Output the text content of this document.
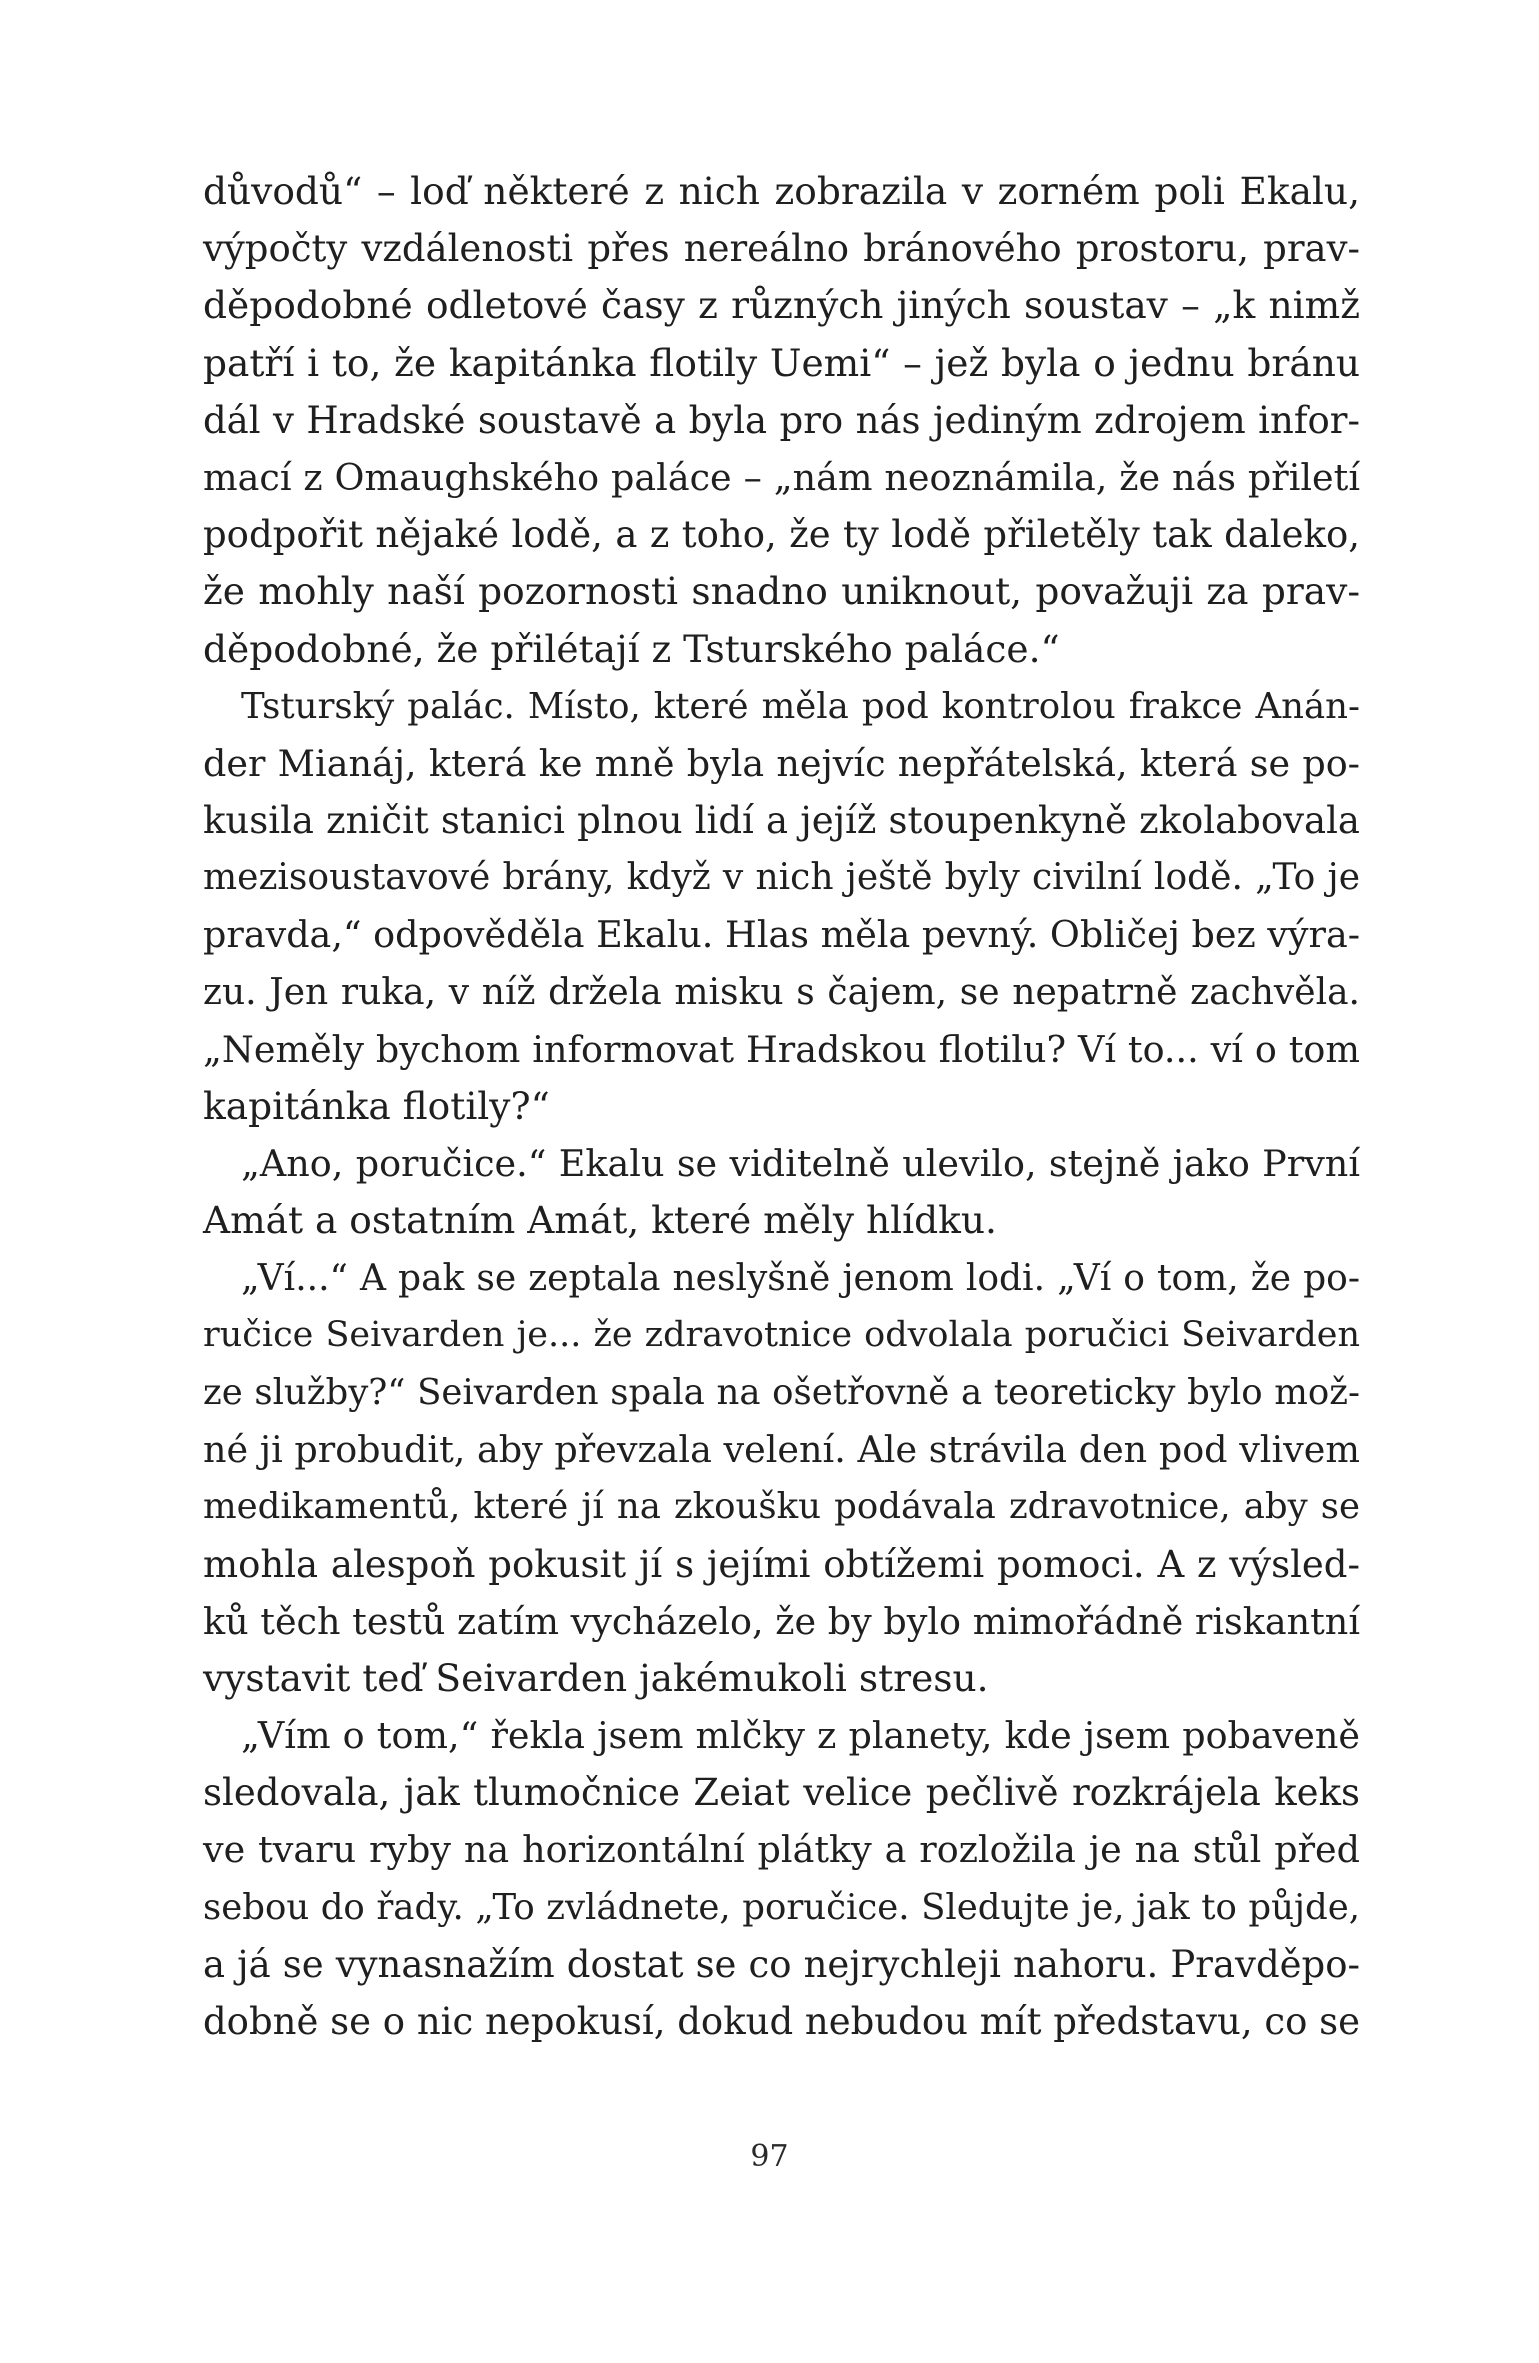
důvodů“ – loď některé z nich zobrazila v zorném poli Ekalu,
výpočty vzdálenosti přes nereálno bránového prostoru, prav-
děpodobné odletové časy z různých jiných soustav – „k nimž
patří i to, že kapitánka flotily Uemi“ – jež byla o jednu bránu
dál v Hradské soustavě a byla pro nás jediným zdrojem infor-
mací z Omaughského paláce – „nám neoznámila, že nás přiletí
podpořit nějaké lodě, a z toho, že ty lodě přiletěly tak daleko,
že mohly naší pozornosti snadno uniknout, považuji za prav-
děpodobné, že přilétají z Tsturského paláce.“
Tsturský palác. Místo, které měla pod kontrolou frakce Anán-
der Mianáj, která ke mně byla nejvíc nepřátelská, která se po-
kusila zničit stanici plnou lidí a jejíž stoupenkyně zkolabovala
mezisoustavové brány, když v nich ještě byly civilní lodě. „To je
pravda,“ odpověděla Ekalu. Hlas měla pevný. Obličej bez výra-
zu. Jen ruka, v níž držela misku s čajem, se nepatrně zachvěla.
„Neměly bychom informovat Hradskou flotilu? Ví to... ví o tom
kapitánka flotily?“
„Ano, poručice.“ Ekalu se viditelně ulevilo, stejně jako První
Amát a ostatním Amát, které měly hlídku.
„Ví...“ A pak se zeptala neslyšně jenom lodi. „Ví o tom, že po-
ručice Seivarden je... že zdravotnice odvolala poručici Seivarden
ze služby?“ Seivarden spala na ošetřovně a teoreticky bylo mož-
né ji probudit, aby převzala velení. Ale strávila den pod vlivem
medikamentů, které jí na zkoušku podávala zdravotnice, aby se
mohla alespoň pokusit jí s jejími obtížemi pomoci. A z výsled-
ků těch testů zatím vycházelo, že by bylo mimořádně riskantní
vystavit teď Seivarden jakémukoli stresu.
„Vím o tom,“ řekla jsem mlčky z planety, kde jsem pobaveně
sledovala, jak tlumočnice Zeiat velice pečlivě rozkrájela keks
ve tvaru ryby na horizontální plátky a rozložila je na stůl před
sebou do řady. „To zvládnete, poručice. Sledujte je, jak to půjde,
a já se vynasnažím dostat se co nejrychleji nahoru. Pravděpo-
dobně se o nic nepokusí, dokud nebudou mít představu, co se
97
